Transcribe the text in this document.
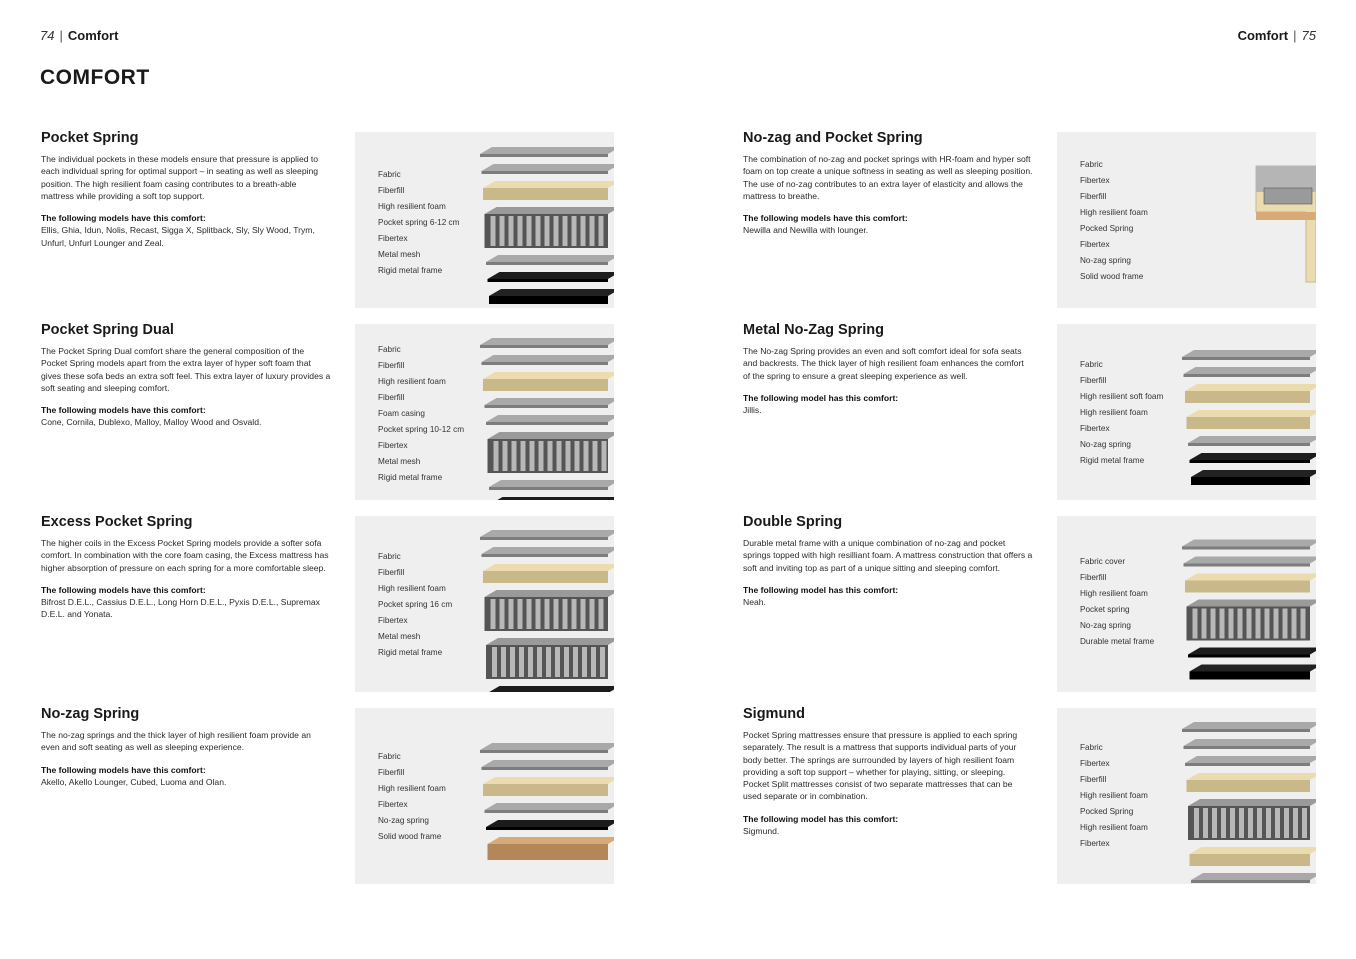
74 | Comfort	Comfort | 75
COMFORT
Pocket Spring

The individual pockets in these models ensure that pressure is applied to each individual spring for optimal support – in seating as well as sleeping position. The high resilient foam casing contributes to a breath-able mattress while providing a soft top support.

The following models have this comfort:

Ellis, Ghia, Idun, Nolis, Recast, Sigga X, Splitback, Sly, Sly Wood, Trym, Unfurl, Unfurl Lounger and Zeal.

Fabric
Fiberfill
High resilient foam
Pocket spring 6-12 cm
Fibertex
Metal mesh
Rigid metal frame
Pocket Spring Dual

The Pocket Spring Dual comfort share the general composition of the Pocket Spring models apart from the extra layer of hyper soft foam that gives these sofa beds an extra soft feel. This extra layer of luxury provides a soft seating and sleeping comfort.

The following models have this comfort:

Cone, Cornila, Dublexo, Malloy, Malloy Wood and Osvald.

Fabric
Fiberfill
High resilient foam
Fiberfill
Foam casing
Pocket spring 10-12 cm
Fibertex
Metal mesh
Rigid metal frame
Excess Pocket Spring

The higher coils in the Excess Pocket Spring models provide a softer sofa comfort. In combination with the core foam casing, the Excess mattress has higher absorption of pressure on each spring for a more comfortable sleep.

The following models have this comfort:

Bifrost D.E.L., Cassius D.E.L., Long Horn D.E.L., Pyxis D.E.L., Supremax D.E.L. and Yonata.

Fabric
Fiberfill
High resilient foam
Pocket spring 16 cm
Fibertex
Metal mesh
Rigid metal frame
No-zag Spring

The no-zag springs and the thick layer of high resilient foam provide an even and soft seating as well as sleeping experience.

The following models have this comfort:

Akello, Akello Lounger, Cubed, Luoma and Olan.

Fabric
Fiberfill
High resilient foam
Fibertex
No-zag spring
Solid wood frame
No-zag and Pocket Spring

The combination of no-zag and pocket springs with HR-foam and hyper soft foam on top create a unique softness in seating as well as sleeping position. The use of no-zag contributes to an extra layer of elasticity and allows the mattress to breathe.

The following models have this comfort:

Newilla and Newilla with lounger.

Fabric
Fibertex
Fiberfill
High resilient foam
Pocked Spring
Fibertex
No-zag spring
Solid wood frame
Metal No-Zag Spring

The No-zag Spring provides an even and soft comfort ideal for sofa seats and backrests. The thick layer of high resilient foam enhances the comfort of the spring to ensure a great sleeping experience as well.

The following model has this comfort:

Jillis.

Fabric
Fiberfill
High resilient soft foam
High resilient foam
Fibertex
No-zag spring
Rigid metal frame
Double Spring

Durable metal frame with a unique combination of no-zag and pocket springs topped with high resilliant foam. A mattress construction that offers a soft and inviting top as part of a unique sitting and sleeping comfort.

The following model has this comfort:

Neah.

Fabric cover
Fiberfill
High resilient foam
Pocket spring
No-zag spring
Durable metal frame
Sigmund

Pocket Spring mattresses ensure that pressure is applied to each spring separately. The result is a mattress that supports individual parts of your body better. The springs are surrounded by layers of high resilient foam providing a soft top support – whether for playing, sitting, or sleeping. Pocket Split mattresses consist of two separate mattresses that can be used separate or in combination.

The following model has this comfort:

Sigmund.

Fabric
Fibertex
Fiberfill
High resilient foam
Pocked Spring
High resilient foam
Fibertex
